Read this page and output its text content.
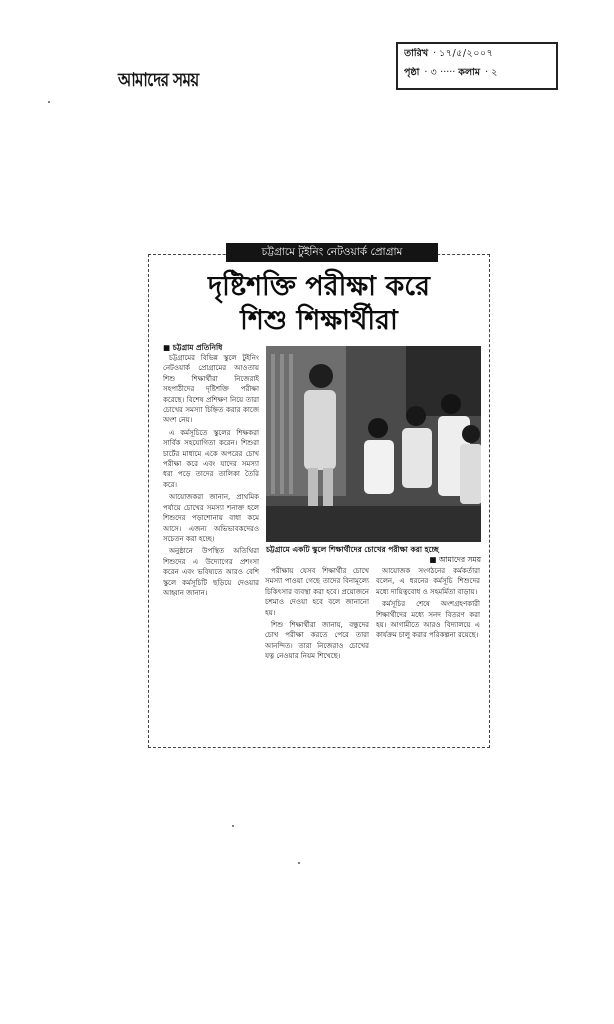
আমাদের সময়
তারিখ · ১৭/৫/২০০৭
পৃষ্ঠা · ৩ ····· কলাম · ২
চট্টগ্রামে টুইনিং নেটওয়ার্ক প্রোগ্রাম
দৃষ্টিশক্তি পরীক্ষা করে
শিশু শিক্ষার্থীরা
■ চট্টগ্রাম প্রতিনিধি

চট্টগ্রামের বিভিন্ন স্কুলে টুইনিং নেটওয়ার্ক প্রোগ্রামের আওতায় শিশু শিক্ষার্থীরা নিজেরাই সহপাঠীদের দৃষ্টিশক্তি পরীক্ষা করেছে। বিশেষ প্রশিক্ষণ নিয়ে তারা চোখের সমস্যা চিহ্নিত করার কাজে অংশ নেয়।

এ কর্মসূচিতে স্কুলের শিক্ষকরা সার্বিক সহযোগিতা করেন। শিশুরা চার্টের মাধ্যমে একে অপরের চোখ পরীক্ষা করে এবং যাদের সমস্যা ধরা পড়ে তাদের তালিকা তৈরি করে।

আয়োজকরা জানান, প্রাথমিক পর্যায়ে চোখের সমস্যা শনাক্ত হলে শিশুদের পড়াশোনায় বাধা কমে আসে। এজন্য অভিভাবকদেরও সচেতন করা হচ্ছে।

অনুষ্ঠানে উপস্থিত অতিথিরা শিশুদের এ উদ্যোগের প্রশংসা করেন এবং ভবিষ্যতে আরও বেশি স্কুলে কর্মসূচিটি ছড়িয়ে দেওয়ার আহ্বান জানান।

চট্টগ্রামে একটি স্কুলে শিক্ষার্থীদের চোখের পরীক্ষা করা হচ্ছে
■ আমাদের সময়

পরীক্ষায় যেসব শিক্ষার্থীর চোখে সমস্যা পাওয়া গেছে তাদের বিনামূল্যে চিকিৎসার ব্যবস্থা করা হবে। প্রয়োজনে চশমাও দেওয়া হবে বলে জানানো হয়।

শিশু শিক্ষার্থীরা জানায়, বন্ধুদের চোখ পরীক্ষা করতে পেরে তারা আনন্দিত। তারা নিজেরাও চোখের যত্ন নেওয়ার নিয়ম শিখেছে।

আয়োজক সংগঠনের কর্মকর্তারা বলেন, এ ধরনের কর্মসূচি শিশুদের মধ্যে দায়িত্ববোধ ও সহমর্মিতা বাড়ায়।

কর্মসূচির শেষে অংশগ্রহণকারী শিক্ষার্থীদের মধ্যে সনদ বিতরণ করা হয়। আগামীতে আরও বিদ্যালয়ে এ কার্যক্রম চালু করার পরিকল্পনা রয়েছে।
